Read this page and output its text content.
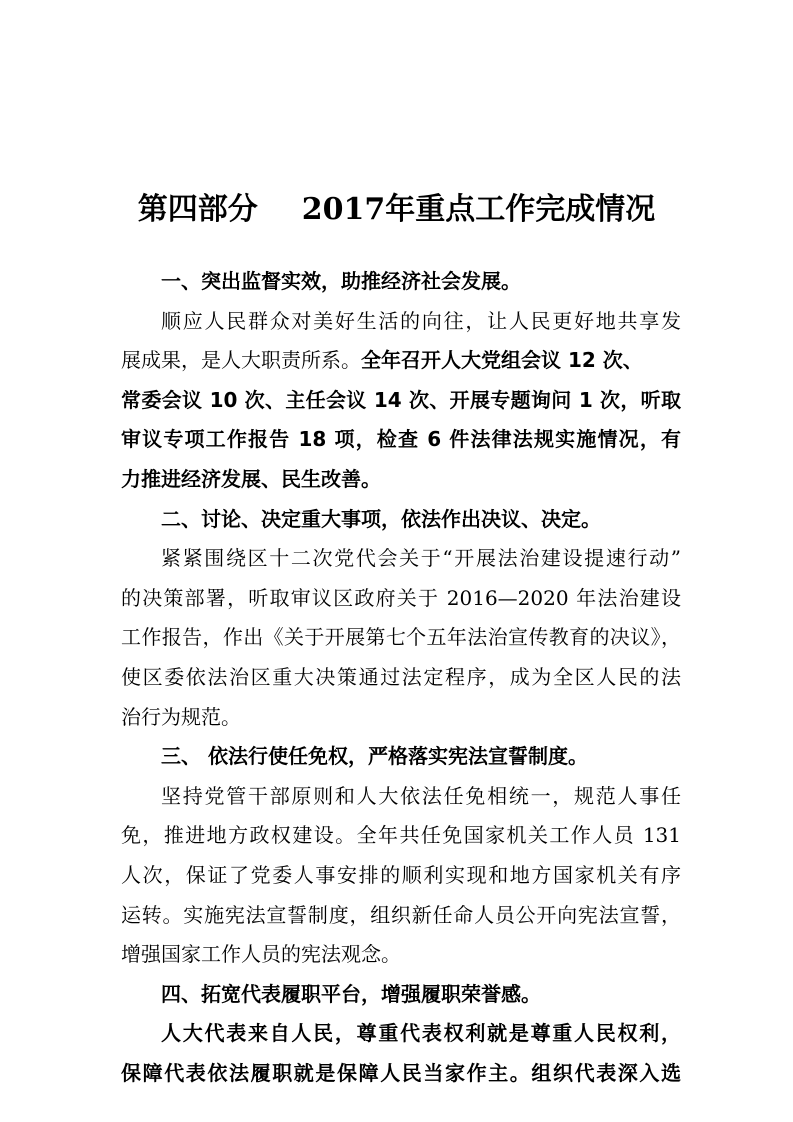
第四部分 2017年重点工作完成情况
一、突出监督实效，助推经济社会发展。
顺应人民群众对美好生活的向往，让人民更好地共享发
展成果，是人大职责所系。全年召开人大党组会议 12 次、
常委会议 10 次、主任会议 14 次、开展专题询问 1 次，听取
审议专项工作报告 18 项，检查 6 件法律法规实施情况，有
力推进经济发展、民生改善。
二、讨论、决定重大事项，依法作出决议、决定。
紧紧围绕区十二次党代会关于“开展法治建设提速行动”
的决策部署，听取审议区政府关于 2016—2020 年法治建设
工作报告，作出《关于开展第七个五年法治宣传教育的决议》，
使区委依法治区重大决策通过法定程序，成为全区人民的法
治行为规范。
三、 依法行使任免权，严格落实宪法宣誓制度。
坚持党管干部原则和人大依法任免相统一，规范人事任
免，推进地方政权建设。全年共任免国家机关工作人员 131
人次，保证了党委人事安排的顺利实现和地方国家机关有序
运转。实施宪法宣誓制度，组织新任命人员公开向宪法宣誓，
增强国家工作人员的宪法观念。
四、拓宽代表履职平台，增强履职荣誉感。
人大代表来自人民，尊重代表权利就是尊重人民权利，
保障代表依法履职就是保障人民当家作主。组织代表深入选
